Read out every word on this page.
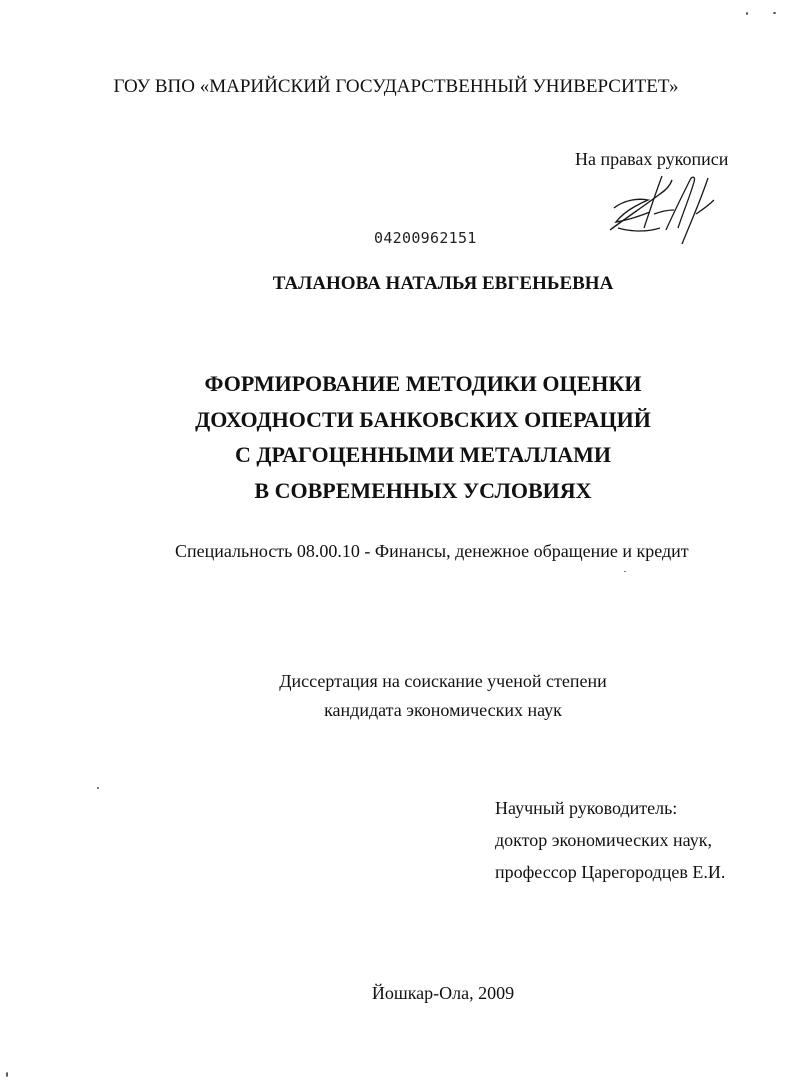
ГОУ ВПО «МАРИЙСКИЙ ГОСУДАРСТВЕННЫЙ УНИВЕРСИТЕТ»
На правах рукописи
04200962151
ТАЛАНОВА НАТАЛЬЯ ЕВГЕНЬЕВНА
ФОРМИРОВАНИЕ МЕТОДИКИ ОЦЕНКИ
ДОХОДНОСТИ БАНКОВСКИХ ОПЕРАЦИЙ
С ДРАГОЦЕННЫМИ МЕТАЛЛАМИ
В СОВРЕМЕННЫХ УСЛОВИЯХ
Специальность 08.00.10 - Финансы, денежное обращение и кредит
Диссертация на соискание ученой степени
кандидата экономических наук
Научный руководитель:
доктор экономических наук,
профессор Царегородцев Е.И.
Йошкар-Ола, 2009
